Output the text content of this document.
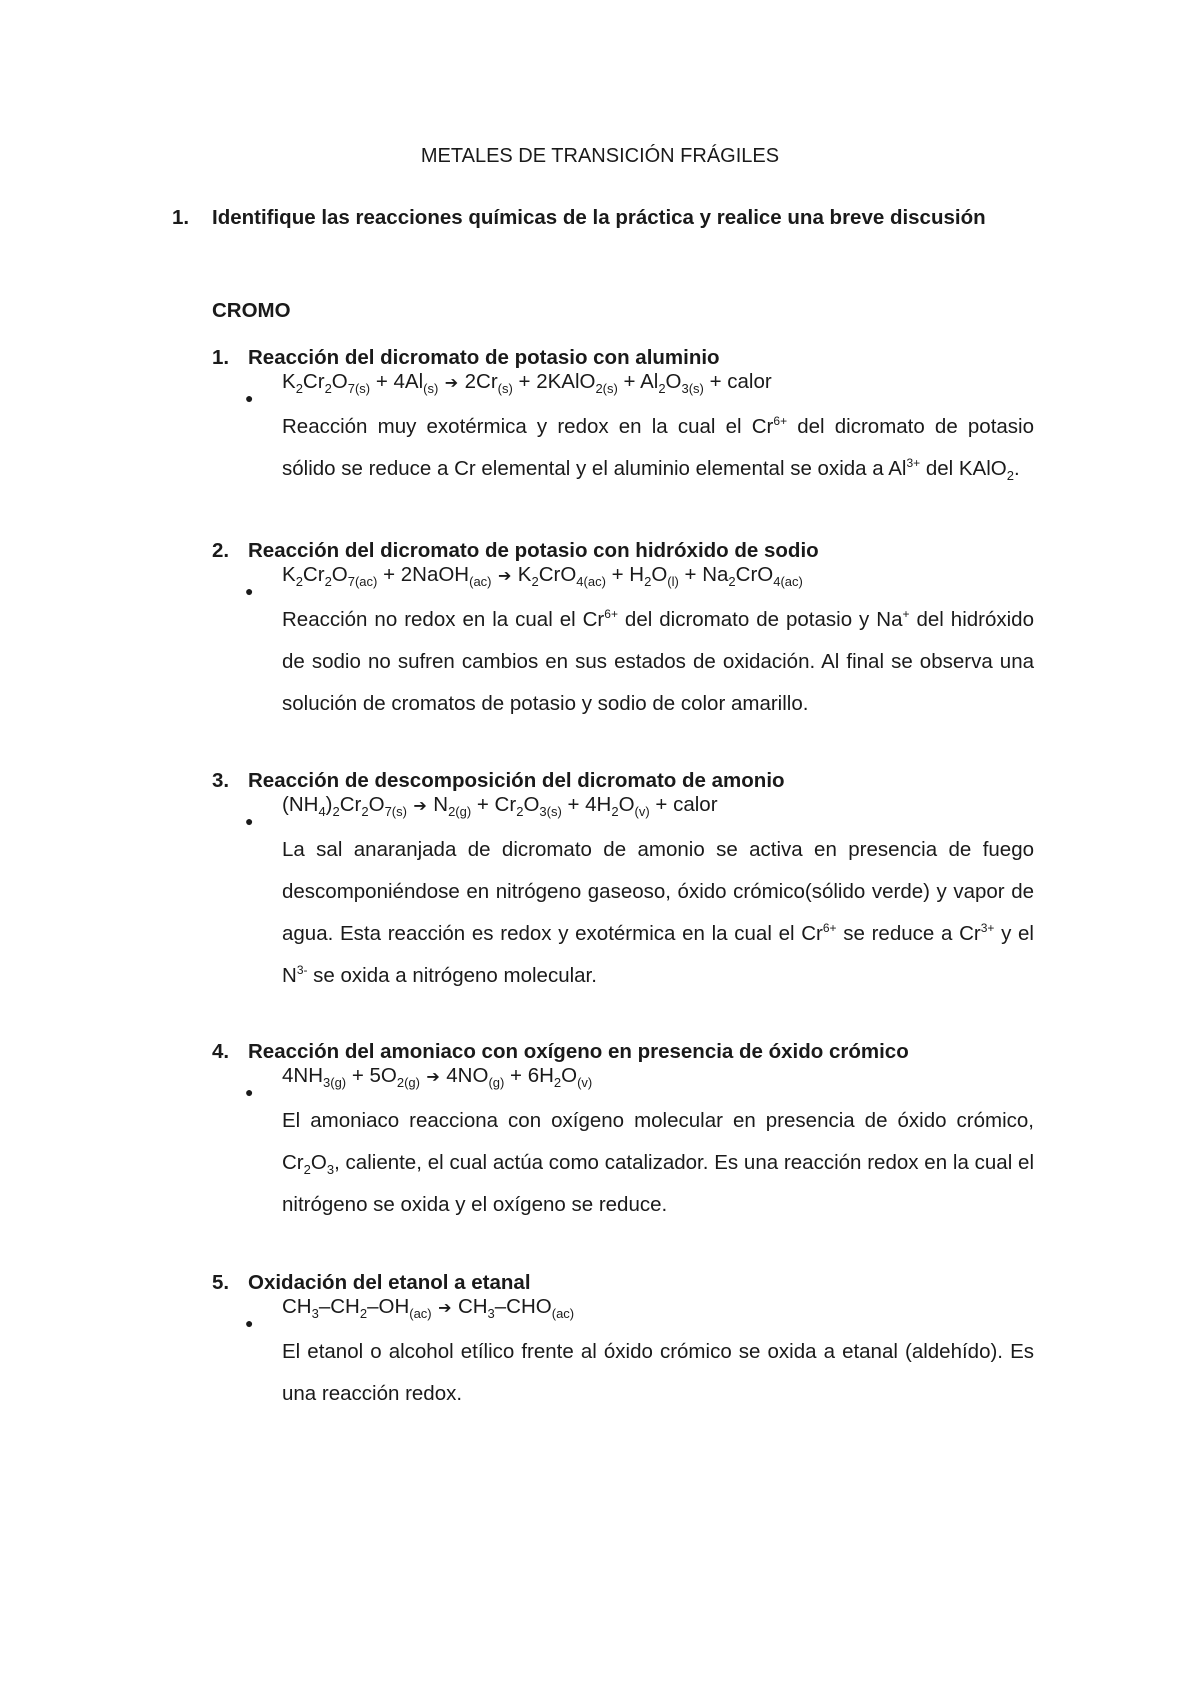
METALES DE TRANSICIÓN FRÁGILES
1. Identifique las reacciones químicas de la práctica y realice una breve discusión
CROMO
1. Reacción del dicromato de potasio con aluminio
●
$K_2Cr_2O_{7(s)} + 4Al_{(s)}$ ➔ $2Cr_{(s)}$ + 2KAlO$_{2(s)}$ + $Al_2O_{3(s)}$ + calor
Reacción muy exotérmica y redox en la cual el $Cr^{6+}$ del dicromato de potasio sólido se reduce a Cr elemental y el aluminio elemental se oxida a $Al^{3+}$ del KAlO$_2$.
2. Reacción del dicromato de potasio con hidróxido de sodio
●
$K_2Cr_2O_{7(ac)}$ + 2NaOH$_{(ac)}$ ➔ $K_2CrO_{4(ac)} + H_2O_{(l)} + Na_2CrO_{4(ac)}$
Reacción no redox en la cual el $Cr^{6+}$ del dicromato de potasio y Na+ del hidróxido de sodio no sufren cambios en sus estados de oxidación. Al final se observa una solución de cromatos de potasio y sodio de color amarillo.
3. Reacción de descomposición del dicromato de amonio
●
$(NH_4)_2Cr_2O_{7(s)}$ ➔ $N_{2(g)} + Cr_2O_{3(s)} + 4H_2O_{(v)}$ + calor
La sal anaranjada de dicromato de amonio se activa en presencia de fuego descomponiéndose en nitrógeno gaseoso, óxido crómico(sólido verde) y vapor de agua. Esta reacción es redox y exotérmica en la cual el $Cr^{6+}$ se reduce a $Cr^{3+}$ y el $N^{3-}$ se oxida a nitrógeno molecular.
4. Reacción del amoniaco con oxígeno en presencia de óxido crómico
●
$4NH_{3(g)} + 5O_{2(g)}$ ➔ $4NO_{(g)} + 6H_2O_{(v)}$
El amoniaco reacciona con oxígeno molecular en presencia de óxido crómico, $Cr_2O_3$, caliente, el cual actúa como catalizador. Es una reacción redox en la cual el nitrógeno se oxida y el oxígeno se reduce.
5. Oxidación del etanol a etanal
●
$CH_3-CH_2-OH_{(ac)}$ ➔ $CH_3-CHO_{(ac)}$
El etanol o alcohol etílico frente al óxido crómico se oxida a etanal (aldehído). Es una reacción redox.
